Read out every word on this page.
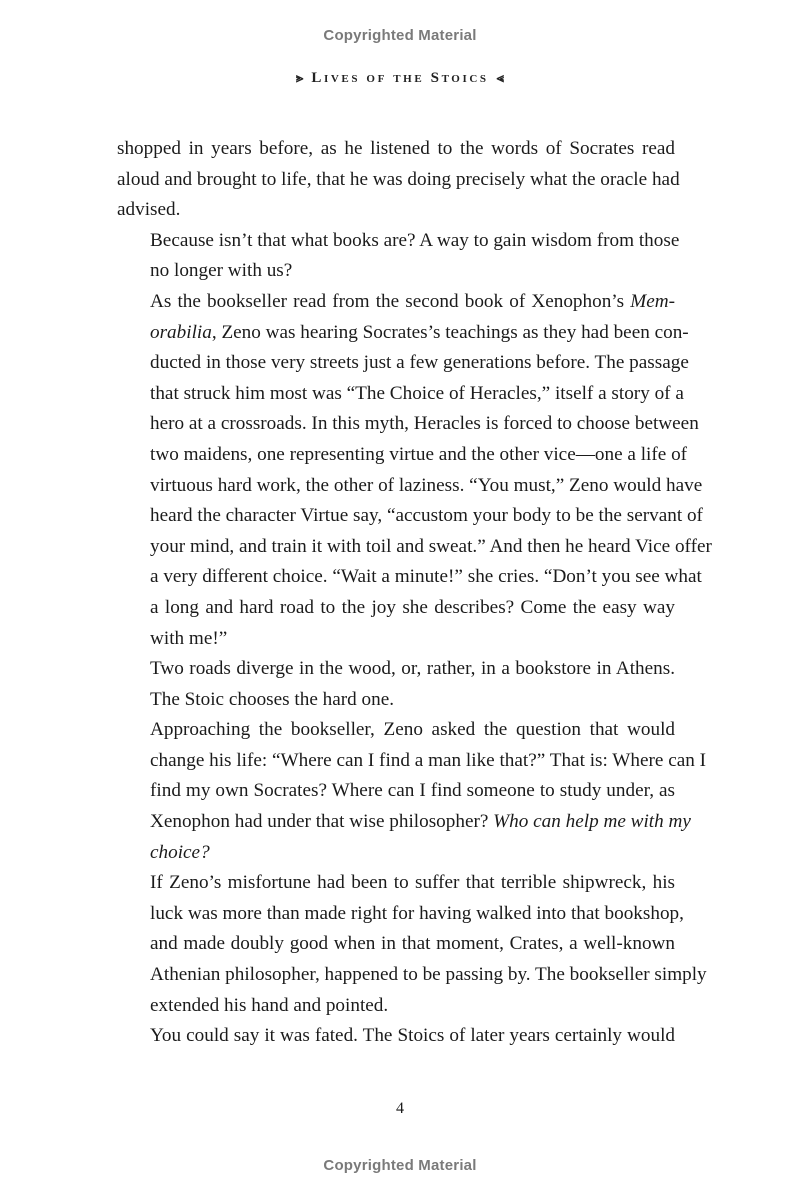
Copyrighted Material
⪢ Lives of the Stoics ⪡

shopped in years before, as he listened to the words of Socrates read
aloud and brought to life, that he was doing precisely what the oracle had
advised.

Because isn’t that what books are? A way to gain wisdom from those
no longer with us?

As the bookseller read from the second book of Xenophon’s Mem-
orabilia, Zeno was hearing Socrates’s teachings as they had been con-
ducted in those very streets just a few generations before. The passage
that struck him most was “The Choice of Heracles,” itself a story of a
hero at a crossroads. In this myth, Heracles is forced to choose between
two maidens, one representing virtue and the other vice—one a life of
virtuous hard work, the other of laziness. “You must,” Zeno would have
heard the character Virtue say, “accustom your body to be the servant of
your mind, and train it with toil and sweat.” And then he heard Vice offer
a very different choice. “Wait a minute!” she cries. “Don’t you see what
a long and hard road to the joy she describes? Come the easy way
with me!”

Two roads diverge in the wood, or, rather, in a bookstore in Athens.
The Stoic chooses the hard one.

Approaching the bookseller, Zeno asked the question that would
change his life: “Where can I find a man like that?” That is: Where can I
find my own Socrates? Where can I find someone to study under, as
Xenophon had under that wise philosopher? Who can help me with my
choice?

If Zeno’s misfortune had been to suffer that terrible shipwreck, his
luck was more than made right for having walked into that bookshop,
and made doubly good when in that moment, Crates, a well-known
Athenian philosopher, happened to be passing by. The bookseller simply
extended his hand and pointed.

You could say it was fated. The Stoics of later years certainly would

4
Copyrighted Material
